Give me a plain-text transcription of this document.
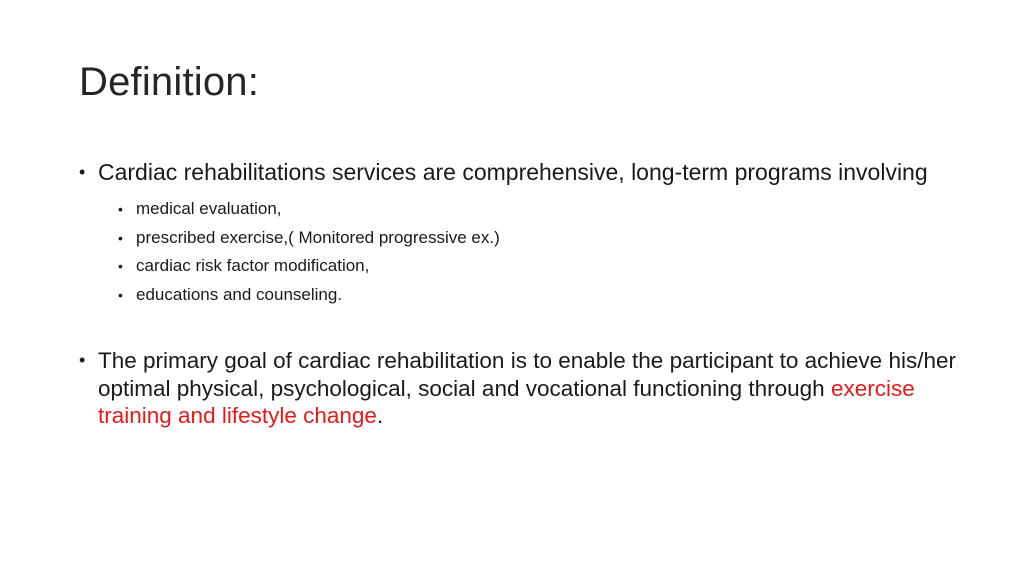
Definition:
• Cardiac rehabilitations services are comprehensive, long-term programs involving
• medical evaluation,
• prescribed exercise,( Monitored progressive ex.)
• cardiac risk factor modification,
• educations and counseling.
• The primary goal of cardiac rehabilitation is to enable the participant to achieve his/her optimal physical, psychological, social and vocational functioning through exercise training and lifestyle change.
